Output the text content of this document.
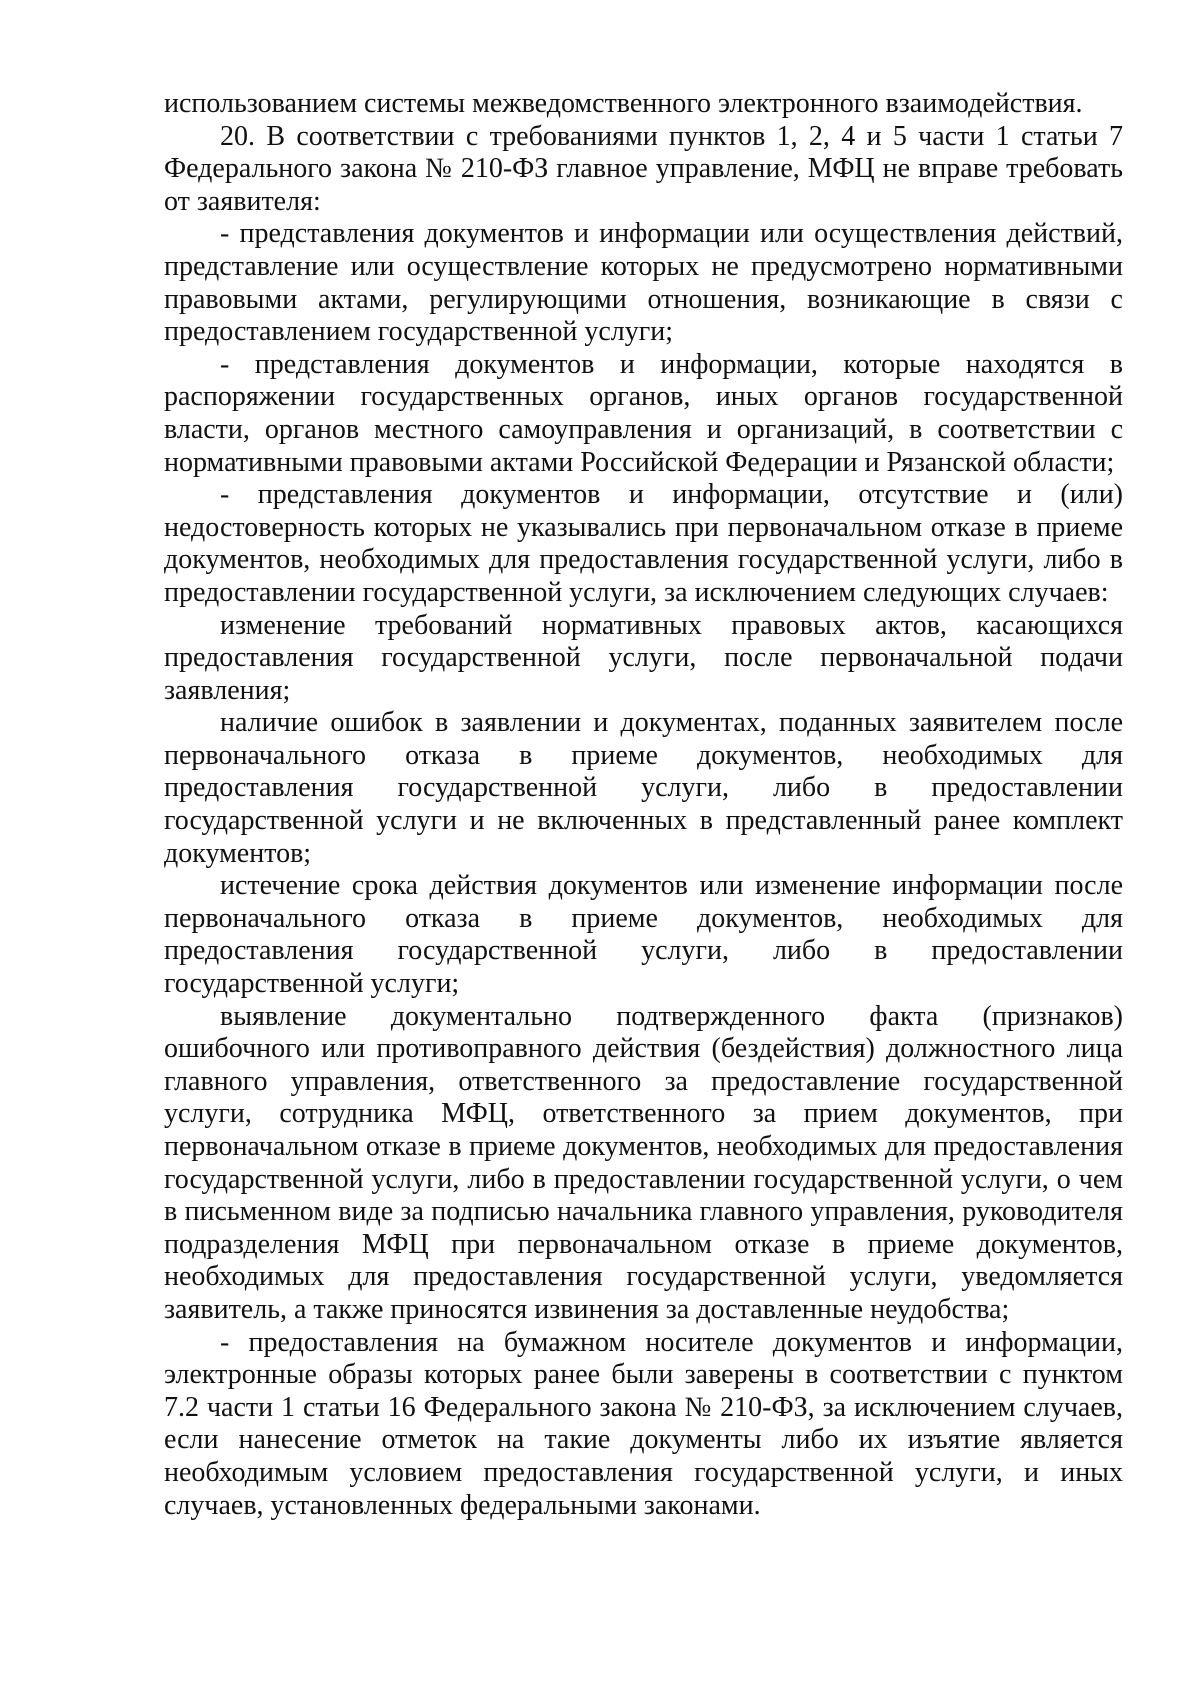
использованием системы межведомственного электронного взаимодействия.

20. В соответствии с требованиями пунктов 1, 2, 4 и 5 части 1 статьи 7 Федерального закона № 210-ФЗ главное управление, МФЦ не вправе требовать от заявителя:

- представления документов и информации или осуществления действий, представление или осуществление которых не предусмотрено нормативными правовыми актами, регулирующими отношения, возникающие в связи с предоставлением государственной услуги;

- представления документов и информации, которые находятся в распоряжении государственных органов, иных органов государственной власти, органов местного самоуправления и организаций, в соответствии с нормативными правовыми актами Российской Федерации и Рязанской области;

- представления документов и информации, отсутствие и (или) недостоверность которых не указывались при первоначальном отказе в приеме документов, необходимых для предоставления государственной услуги, либо в предоставлении государственной услуги, за исключением следующих случаев:

изменение требований нормативных правовых актов, касающихся предоставления государственной услуги, после первоначальной подачи заявления;

наличие ошибок в заявлении и документах, поданных заявителем после первоначального отказа в приеме документов, необходимых для предоставления государственной услуги, либо в предоставлении государственной услуги и не включенных в представленный ранее комплект документов;

истечение срока действия документов или изменение информации после первоначального отказа в приеме документов, необходимых для предоставления государственной услуги, либо в предоставлении государственной услуги;

выявление документально подтвержденного факта (признаков) ошибочного или противоправного действия (бездействия) должностного лица главного управления, ответственного за предоставление государственной услуги, сотрудника МФЦ, ответственного за прием документов, при первоначальном отказе в приеме документов, необходимых для предоставления государственной услуги, либо в предоставлении государственной услуги, о чем в письменном виде за подписью начальника главного управления, руководителя подразделения МФЦ при первоначальном отказе в приеме документов, необходимых для предоставления государственной услуги, уведомляется заявитель, а также приносятся извинения за доставленные неудобства;

- предоставления на бумажном носителе документов и информации, электронные образы которых ранее были заверены в соответствии с пунктом 7.2 части 1 статьи 16 Федерального закона № 210-ФЗ, за исключением случаев, если нанесение отметок на такие документы либо их изъятие является необходимым условием предоставления государственной услуги, и иных случаев, установленных федеральными законами.
